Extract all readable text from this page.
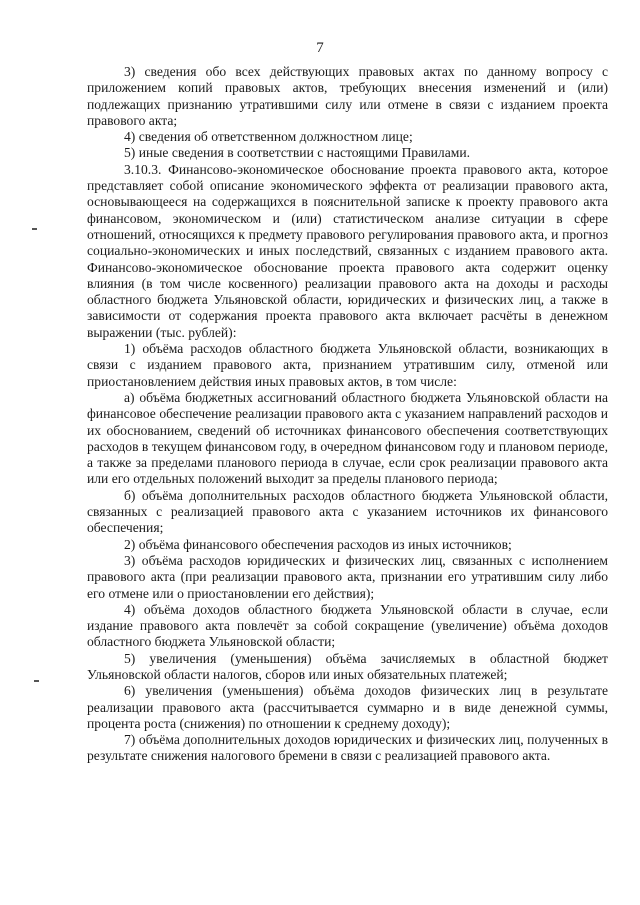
7

3) сведения обо всех действующих правовых актах по данному вопросу с приложением копий правовых актов, требующих внесения изменений и (или) подлежащих признанию утратившими силу или отмене в связи с изданием проекта правового акта;

4) сведения об ответственном должностном лице;

5) иные сведения в соответствии с настоящими Правилами.

3.10.3. Финансово-экономическое обоснование проекта правового акта, которое представляет собой описание экономического эффекта от реализации правового акта, основывающееся на содержащихся в пояснительной записке к проекту правового акта финансовом, экономическом и (или) статистическом анализе ситуации в сфере отношений, относящихся к предмету правового регулирования правового акта, и прогноз социально-экономических и иных последствий, связанных с изданием правового акта. Финансово-экономическое обоснование проекта правового акта содержит оценку влияния (в том числе косвенного) реализации правового акта на доходы и расходы областного бюджета Ульяновской области, юридических и физических лиц, а также в зависимости от содержания проекта правового акта включает расчёты в денежном выражении (тыс. рублей):

1) объёма расходов областного бюджета Ульяновской области, возникающих в связи с изданием правового акта, признанием утратившим силу, отменой или приостановлением действия иных правовых актов, в том числе:

а) объёма бюджетных ассигнований областного бюджета Ульяновской области на финансовое обеспечение реализации правового акта с указанием направлений расходов и их обоснованием, сведений об источниках финансового обеспечения соответствующих расходов в текущем финансовом году, в очередном финансовом году и плановом периоде, а также за пределами планового периода в случае, если срок реализации правового акта или его отдельных положений выходит за пределы планового периода;

б) объёма дополнительных расходов областного бюджета Ульяновской области, связанных с реализацией правового акта с указанием источников их финансового обеспечения;

2) объёма финансового обеспечения расходов из иных источников;

3) объёма расходов юридических и физических лиц, связанных с исполнением правового акта (при реализации правового акта, признании его утратившим силу либо его отмене или о приостановлении его действия);

4) объёма доходов областного бюджета Ульяновской области в случае, если издание правового акта повлечёт за собой сокращение (увеличение) объёма доходов областного бюджета Ульяновской области;

5) увеличения (уменьшения) объёма зачисляемых в областной бюджет Ульяновской области налогов, сборов или иных обязательных платежей;

6) увеличения (уменьшения) объёма доходов физических лиц в результате реализации правового акта (рассчитывается суммарно и в виде денежной суммы, процента роста (снижения) по отношении к среднему доходу);

7) объёма дополнительных доходов юридических и физических лиц, полученных в результате снижения налогового бремени в связи с реализацией правового акта.
